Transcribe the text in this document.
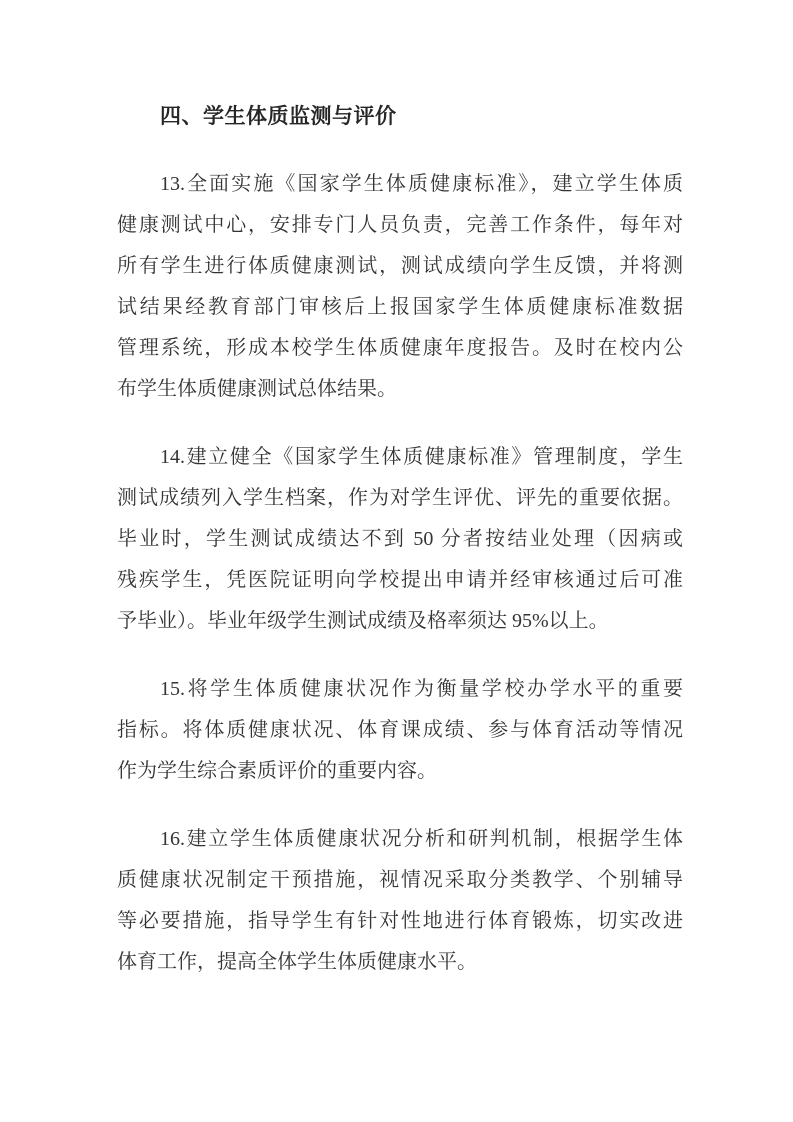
四、学生体质监测与评价
13.全面实施《国家学生体质健康标准》，建立学生体质
健康测试中心，安排专门人员负责，完善工作条件，每年对
所有学生进行体质健康测试，测试成绩向学生反馈，并将测
试结果经教育部门审核后上报国家学生体质健康标准数据
管理系统，形成本校学生体质健康年度报告。及时在校内公
布学生体质健康测试总体结果。
14.建立健全《国家学生体质健康标准》管理制度，学生
测试成绩列入学生档案，作为对学生评优、评先的重要依据。
毕业时，学生测试成绩达不到 50 分者按结业处理（因病或
残疾学生，凭医院证明向学校提出申请并经审核通过后可准
予毕业）。毕业年级学生测试成绩及格率须达 95%以上。
15.将学生体质健康状况作为衡量学校办学水平的重要
指标。将体质健康状况、体育课成绩、参与体育活动等情况
作为学生综合素质评价的重要内容。
16.建立学生体质健康状况分析和研判机制，根据学生体
质健康状况制定干预措施，视情况采取分类教学、个别辅导
等必要措施，指导学生有针对性地进行体育锻炼，切实改进
体育工作，提高全体学生体质健康水平。
